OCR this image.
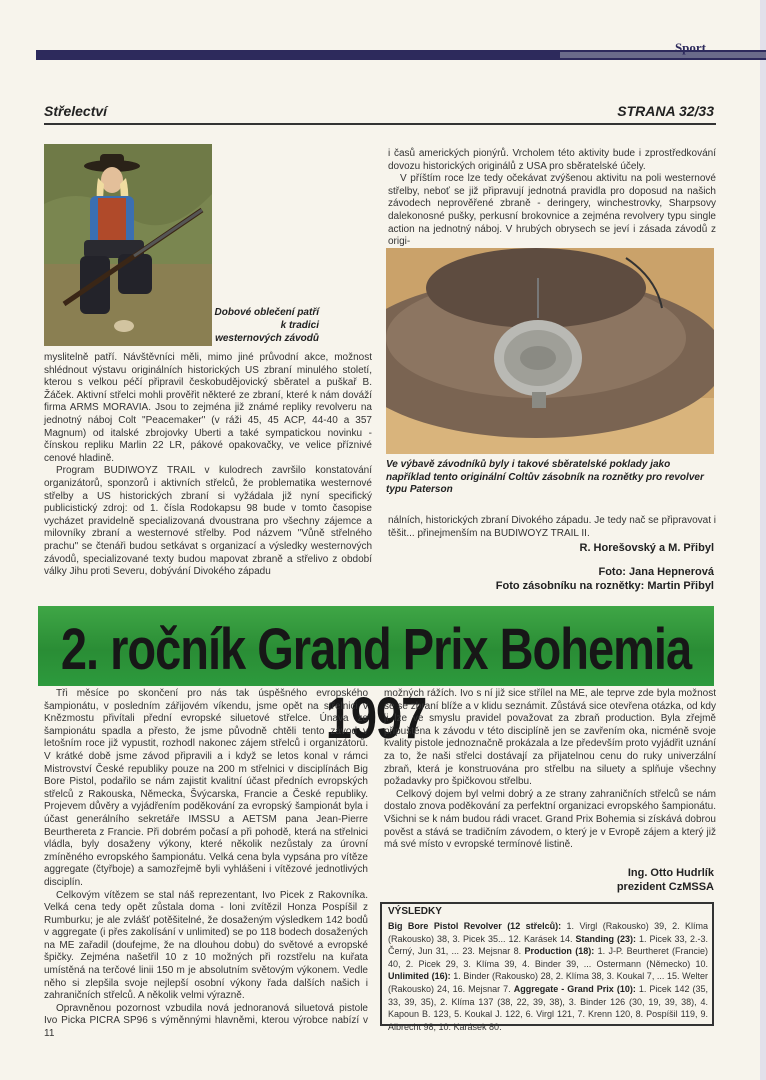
Sport
Střelectví	STRANA 32/33
Dobové oblečení patří k tradici westernových závodů

myslitelně patří. Návštěvníci měli, mimo jiné průvodní akce, možnost shlédnout výstavu originálních historických US zbraní minulého století, kterou s velkou péčí připravil českobudějovický sběratel a puškař B. Žáček. Aktivní střelci mohli prověřit některé ze zbraní, které k nám dováží firma ARMS MORAVIA. Jsou to zejména již známé repliky revolveru na jednotný náboj Colt "Peacemaker" (v ráži 45, 45 ACP, 44-40 a 357 Magnum) od italské zbrojovky Uberti a také sympatickou novinku - čínskou repliku Marlin 22 LR, pákové opakovačky, ve velice příznivé cenové hladině.

Program BUDIWOYZ TRAIL v kulodrech završilo konstatování organizátorů, sponzorů i aktivních střelců, že problematika westernové střelby a US historických zbraní si vyžádala již nyní specifický publicistický zdroj: od 1. čísla Rodokapsu 98 bude v tomto časopise vycházet pravidelně specializovaná dvoustrana pro všechny zájemce a milovníky zbraní a westernové střelby. Pod názvem "Vůně střelného prachu" se čtenáři budou setkávat s organizací a výsledky westernových závodů, specializované texty budou mapovat zbraně a střelivo z období války Jihu proti Severu, dobývání Divokého západu

i časů amerických pionýrů. Vrcholem této aktivity bude i zprostředkování dovozu historických originálů z USA pro sběratelské účely.

V příštím roce lze tedy očekávat zvýšenou aktivitu na poli westernové střelby, neboť se již připravují jednotná pravidla pro doposud na našich závodech neprověřené zbraně - deringery, winchestrovky, Sharpsovy dalekonosné pušky, perkusní brokovnice a zejména revolvery typu single action na jednotný náboj. V hrubých obrysech se jeví i zásada závodů z origi-

Ve výbavě závodníků byly i takové sběratelské poklady jako například tento originální Coltův zásobník na roznětky pro revolver typu Paterson

nálních, historických zbraní Divokého západu. Je tedy nač se připravovat i těšit... přinejmenším na BUDIWOYZ TRAIL II.

R. Horešovský a M. Přibyl
Foto: Jana Hepnerová
Foto zásobníku na roznětky: Martin Přibyl
2. ročník Grand Prix Bohemia 1997

Tři měsíce po skončení pro nás tak úspěšného evropského šampionátu, v posledním zářijovém víkendu, jsme opět na střelnici v Knězmostu přivítali přední evropské siluetové střelce. Únava ze šampionátu spadla a přesto, že jsme původně chtěli tento závod v letošním roce již vypustit, rozhodl nakonec zájem střelců i organizátorů. V krátké době jsme závod připravili a i když se letos konal v rámci Mistrovství České republiky pouze na 200 m střelnici v disciplínách Big Bore Pistol, podařilo se nám zajistit kvalitní účast předních evropských střelců z Rakouska, Německa, Švýcarska, Francie a České republiky. Projevem důvěry a vyjádřením poděkování za evropský šampionát byla i účast generálního sekretáře IMSSU a AETSM pana Jean-Pierre Beurthereta z Francie. Při dobrém počasí a při pohodě, která na střelnici vládla, byly dosaženy výkony, které několik nezůstaly za úrovní zmíněného evropského šampionátu. Velká cena byla vypsána pro vítěze aggregate (čtyřboje) a samozřejmě byli vyhlášeni i vítězové jednotlivých disciplín.

Celkovým vítězem se stal náš reprezentant, Ivo Picek z Rakovníka. Velká cena tedy opět zůstala doma - loni zvítězil Honza Pospíšil z Rumburku; je ale zvlášť potěšitelné, že dosaženým výsledkem 142 bodů v aggregate (i přes zakolísání v unlimited) se po 118 bodech dosažených na ME zařadil (doufejme, že na dlouhou dobu) do světové a evropské špičky. Zejména našetřil 10 z 10 možných při rozstřelu na kuřata umístěná na terčové linii 150 m je absolutním světovým výkonem. Vedle něho si zlepšila svoje nejlepší osobní výkony řada dalších našich i zahraničních střelců. A několik velmi výrazně.

Opravněnou pozornost vzbudila nová jednoranová siluetová pistole Ivo Picka PICRA SP96 s výměnnými hlavněmi, kterou výrobce nabízí v 11

možných rážích. Ivo s ní již sice střílel na ME, ale teprve zde byla možnost se se zbraní blíže a v klidu seznámit. Zůstává sice otevřena otázka, od kdy ji lze ve smyslu pravidel považovat za zbraň production. Byla zřejmě připuštěna k závodu v této disciplíně jen se zavřením oka, nicméně svoje kvality pistole jednoznačně prokázala a lze především proto vyjádřit uznání za to, že naši střelci dostávají za přijatelnou cenu do ruky univerzální zbraň, která je konstruována pro střelbu na siluety a splňuje všechny požadavky pro špičkovou střelbu.

Celkový dojem byl velmi dobrý a ze strany zahraničních střelců se nám dostalo znova poděkování za perfektní organizaci evropského šampionátu. Všichni se k nám budou rádi vracet. Grand Prix Bohemia si získává dobrou pověst a stává se tradičním závodem, o který je v Evropě zájem a který již má své místo v evropské termínové listině.

Ing. Otto Hudrlík
prezident CzMSSA
VÝSLEDKY
Big Bore Pistol Revolver (12 střelců): 1. Virgl (Rakousko) 39, 2. Klíma (Rakousko) 38, 3. Picek 35... 12. Karásek 14. Standing (23): 1. Picek 33, 2.-3. Černý, Jun 31, ... 23. Mejsnar 8. Production (18): 1. J-P. Beurtheret (Francie) 40, 2. Picek 29, 3. Klíma 39, 4. Binder 39, ... Ostermann (Německo) 10. Unlimited (16): 1. Binder (Rakousko) 28, 2. Klíma 38, 3. Koukal 7, ... 15. Welter (Rakousko) 24, 16. Mejsnar 7. Aggregate - Grand Prix (10): 1. Picek 142 (35, 33, 39, 35), 2. Klíma 137 (38, 22, 39, 38), 3. Binder 126 (30, 19, 39, 38), 4. Kapoun B. 123, 5. Koukal J. 122, 6. Virgl 121, 7. Krenn 120, 8. Pospíšil 119, 9. Albrecht 98, 10. Karásek 80.
